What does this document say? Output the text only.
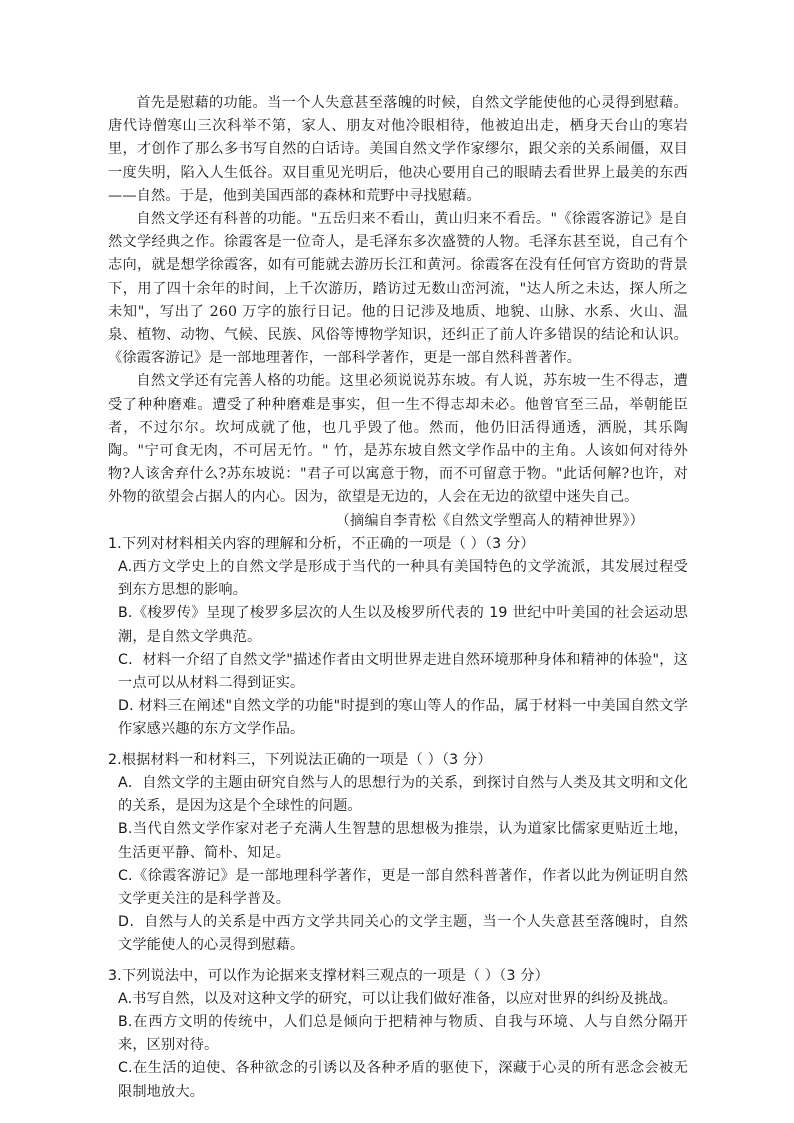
首先是慰藉的功能。当一个人失意甚至落魄的时候，自然文学能使他的心灵得到慰藉。唐代诗僧寒山三次科举不第，家人、朋友对他冷眼相待，他被迫出走，栖身天台山的寒岩里，才创作了那么多书写自然的白话诗。美国自然文学作家缪尔，跟父亲的关系闹僵，双目一度失明，陷入人生低谷。双目重见光明后，他决心要用自己的眼睛去看世界上最美的东西——自然。于是，他到美国西部的森林和荒野中寻找慰藉。

自然文学还有科普的功能。"五岳归来不看山，黄山归来不看岳。"《徐霞客游记》是自然文学经典之作。徐霞客是一位奇人，是毛泽东多次盛赞的人物。毛泽东甚至说，自己有个志向，就是想学徐霞客，如有可能就去游历长江和黄河。徐霞客在没有任何官方资助的背景下，用了四十余年的时间，上千次游历，踏访过无数山峦河流，"达人所之未达，探人所之未知"，写出了 260 万字的旅行日记。他的日记涉及地质、地貌、山脉、水系、火山、温泉、植物、动物、气候、民族、风俗等博物学知识，还纠正了前人许多错误的结论和认识。《徐霞客游记》是一部地理著作，一部科学著作，更是一部自然科普著作。

自然文学还有完善人格的功能。这里必须说说苏东坡。有人说，苏东坡一生不得志，遭受了种种磨难。遭受了种种磨难是事实，但一生不得志却未必。他曾官至三品，举朝能臣者，不过尔尔。坎坷成就了他，也几乎毁了他。然而，他仍旧活得通透，洒脱，其乐陶陶。"宁可食无肉，不可居无竹。" 竹，是苏东坡自然文学作品中的主角。人该如何对待外物?人该舍弃什么?苏东坡说："君子可以寓意于物，而不可留意于物。"此话何解?也许，对外物的欲望会占据人的内心。因为，欲望是无边的，人会在无边的欲望中迷失自己。

（摘编自李青松《自然文学塑高人的精神世界》）

1.下列对材料相关内容的理解和分析，不正确的一项是（ ）（3 分）

A.西方文学史上的自然文学是形成于当代的一种具有美国特色的文学流派，其发展过程受到东方思想的影响。

B.《梭罗传》呈现了梭罗多层次的人生以及梭罗所代表的 19 世纪中叶美国的社会运动思潮，是自然文学典范。

C．材料一介绍了自然文学"描述作者由文明世界走进自然环境那种身体和精神的体验"，这一点可以从材料二得到证实。

D. 材料三在阐述"自然文学的功能"时提到的寒山等人的作品，属于材料一中美国自然文学作家感兴趣的东方文学作品。

2.根据材料一和材料三，下列说法正确的一项是（ ）（3 分）

A．自然文学的主题由研究自然与人的思想行为的关系，到探讨自然与人类及其文明和文化的关系，是因为这是个全球性的问题。

B.当代自然文学作家对老子充满人生智慧的思想极为推崇，认为道家比儒家更贴近土地，生活更平静、简朴、知足。

C.《徐霞客游记》是一部地理科学著作，更是一部自然科普著作，作者以此为例证明自然文学更关注的是科学普及。

D．自然与人的关系是中西方文学共同关心的文学主题，当一个人失意甚至落魄时，自然文学能使人的心灵得到慰藉。

3.下列说法中，可以作为论据来支撑材料三观点的一项是（ ）（3 分）

A.书写自然，以及对这种文学的研究，可以让我们做好准备，以应对世界的纠纷及挑战。

B.在西方文明的传统中，人们总是倾向于把精神与物质、自我与环境、人与自然分隔开来，区别对待。

C.在生活的迫使、各种欲念的引诱以及各种矛盾的驱使下，深藏于心灵的所有恶念会被无限制地放大。
